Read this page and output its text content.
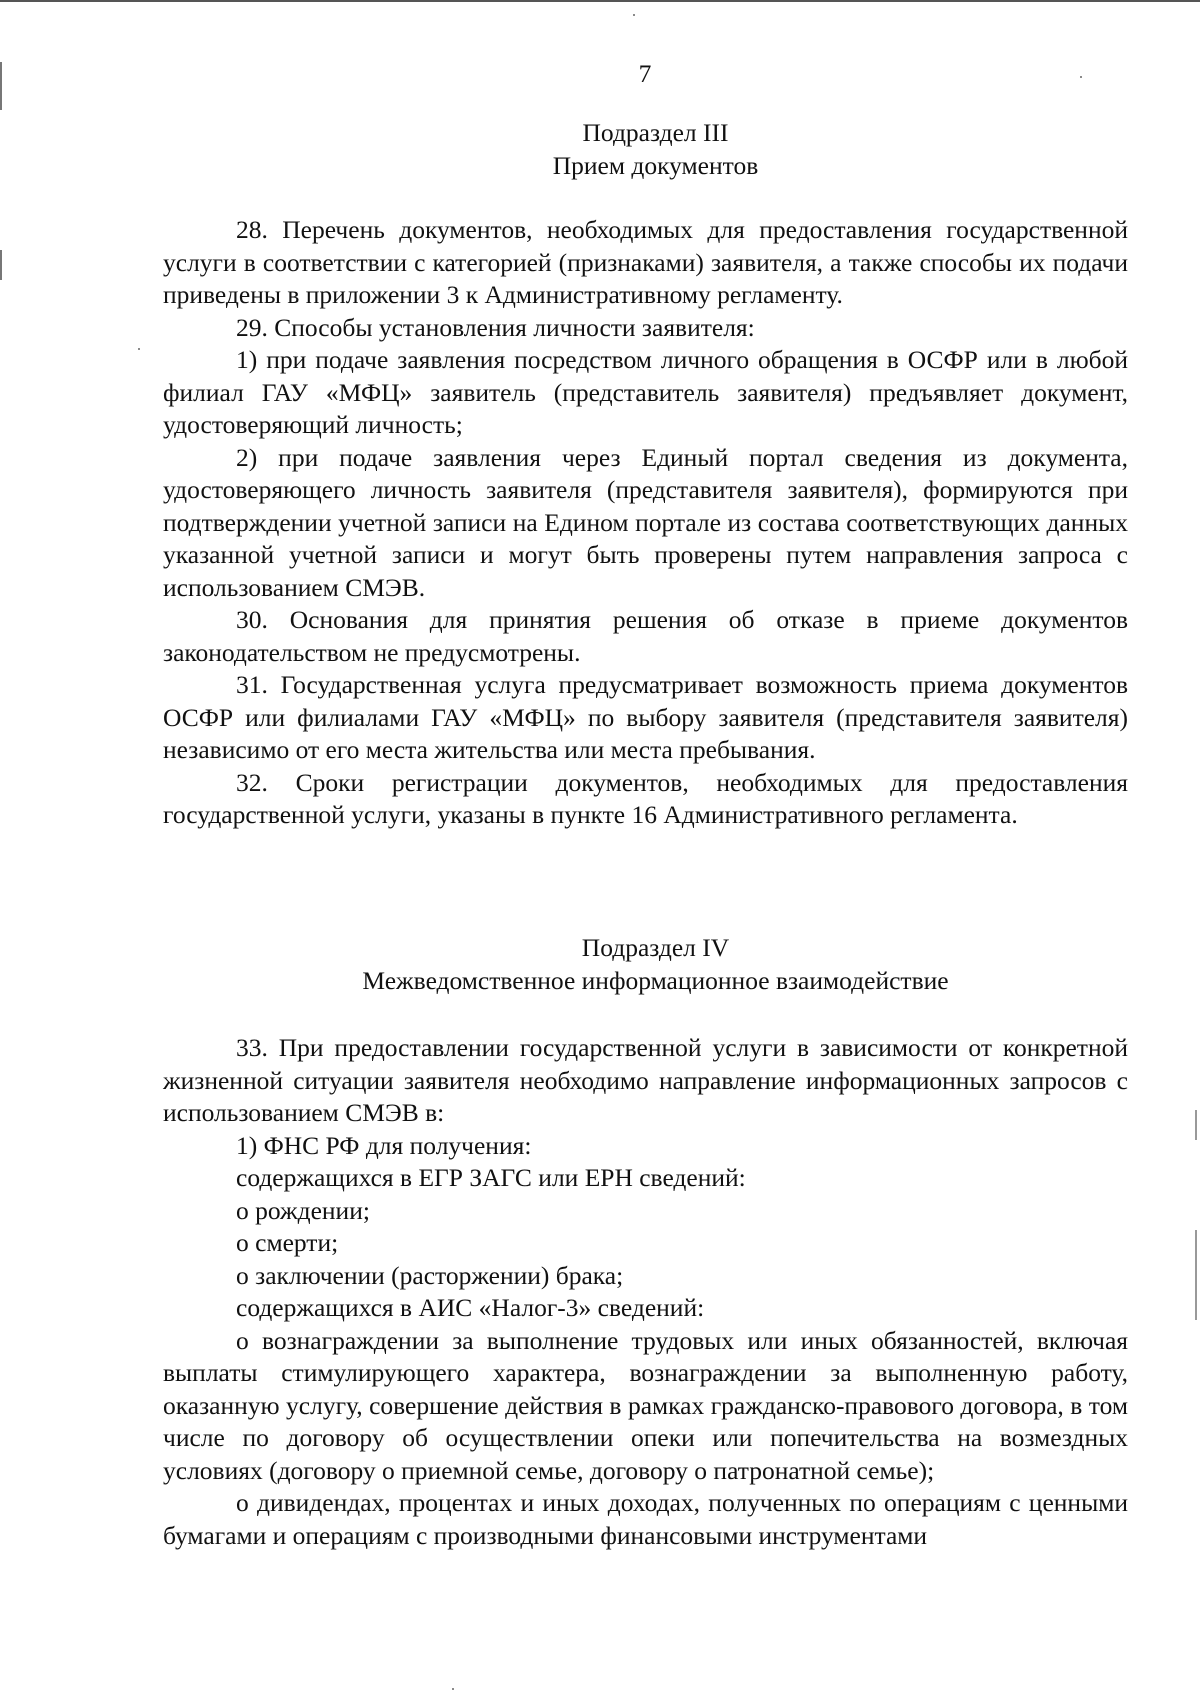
7
Подраздел III
Прием документов

28. Перечень документов, необходимых для предоставления государственной услуги в соответствии с категорией (признаками) заявителя, а также способы их подачи приведены в приложении 3 к Административному регламенту.

29. Способы установления личности заявителя:

1) при подаче заявления посредством личного обращения в ОСФР или в любой филиал ГАУ «МФЦ» заявитель (представитель заявителя) предъявляет документ, удостоверяющий личность;

2) при подаче заявления через Единый портал сведения из документа, удостоверяющего личность заявителя (представителя заявителя), формируются при подтверждении учетной записи на Едином портале из состава соответствующих данных указанной учетной записи и могут быть проверены путем направления запроса с использованием СМЭВ.

30. Основания для принятия решения об отказе в приеме документов законодательством не предусмотрены.

31. Государственная услуга предусматривает возможность приема документов ОСФР или филиалами ГАУ «МФЦ» по выбору заявителя (представителя заявителя) независимо от его места жительства или места пребывания.

32. Сроки регистрации документов, необходимых для предоставления государственной услуги, указаны в пункте 16 Административного регламента.

Подраздел IV
Межведомственное информационное взаимодействие

33. При предоставлении государственной услуги в зависимости от конкретной жизненной ситуации заявителя необходимо направление информационных запросов с использованием СМЭВ в:

1) ФНС РФ для получения:

содержащихся в ЕГР ЗАГС или ЕРН сведений:

о рождении;

о смерти;

о заключении (расторжении) брака;

содержащихся в АИС «Налог-3» сведений:

о вознаграждении за выполнение трудовых или иных обязанностей, включая выплаты стимулирующего характера, вознаграждении за выполненную работу, оказанную услугу, совершение действия в рамках гражданско-правового договора, в том числе по договору об осуществлении опеки или попечительства на возмездных условиях (договору о приемной семье, договору о патронатной семье);

о дивидендах, процентах и иных доходах, полученных по операциям с ценными бумагами и операциям с производными финансовыми инструментами
